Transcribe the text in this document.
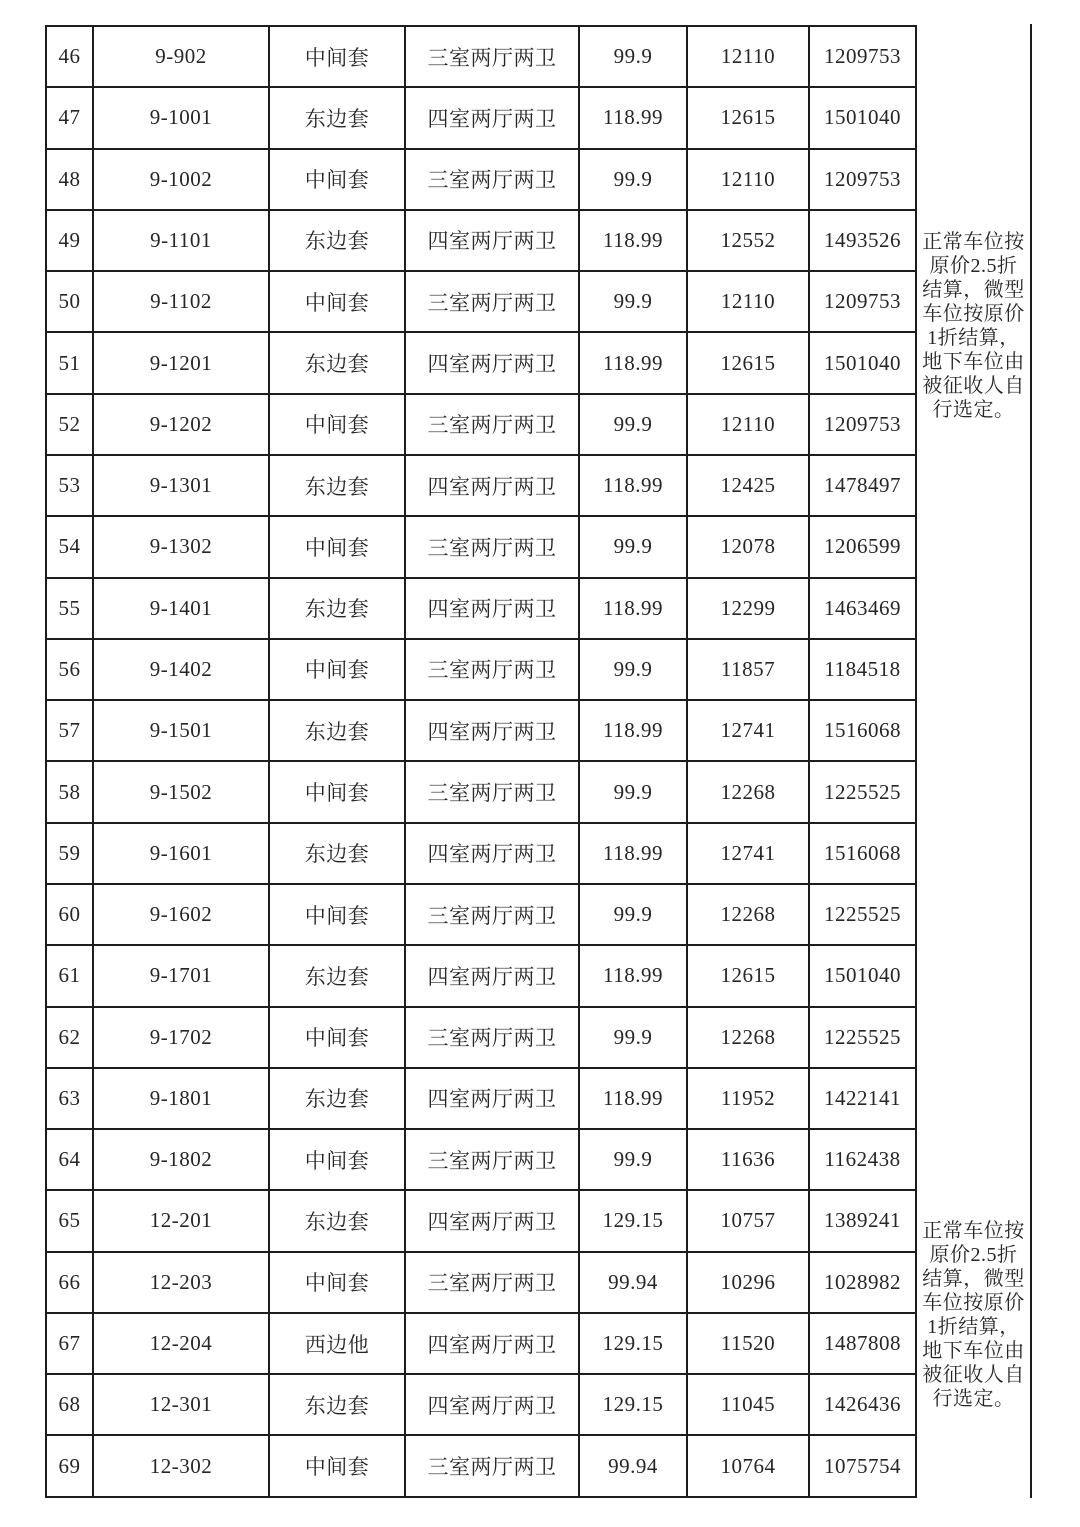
46	9-902	中间套	三室两厅两卫	99.9	12110	1209753
47	9-1001	东边套	四室两厅两卫	118.99	12615	1501040
48	9-1002	中间套	三室两厅两卫	99.9	12110	1209753
49	9-1101	东边套	四室两厅两卫	118.99	12552	1493526
50	9-1102	中间套	三室两厅两卫	99.9	12110	1209753
51	9-1201	东边套	四室两厅两卫	118.99	12615	1501040
52	9-1202	中间套	三室两厅两卫	99.9	12110	1209753
53	9-1301	东边套	四室两厅两卫	118.99	12425	1478497
54	9-1302	中间套	三室两厅两卫	99.9	12078	1206599
55	9-1401	东边套	四室两厅两卫	118.99	12299	1463469
56	9-1402	中间套	三室两厅两卫	99.9	11857	1184518
57	9-1501	东边套	四室两厅两卫	118.99	12741	1516068
58	9-1502	中间套	三室两厅两卫	99.9	12268	1225525
59	9-1601	东边套	四室两厅两卫	118.99	12741	1516068
60	9-1602	中间套	三室两厅两卫	99.9	12268	1225525
61	9-1701	东边套	四室两厅两卫	118.99	12615	1501040
62	9-1702	中间套	三室两厅两卫	99.9	12268	1225525
63	9-1801	东边套	四室两厅两卫	118.99	11952	1422141
64	9-1802	中间套	三室两厅两卫	99.9	11636	1162438
65	12-201	东边套	四室两厅两卫	129.15	10757	1389241
66	12-203	中间套	三室两厅两卫	99.94	10296	1028982
67	12-204	西边他	四室两厅两卫	129.15	11520	1487808
68	12-301	东边套	四室两厅两卫	129.15	11045	1426436
69	12-302	中间套	三室两厅两卫	99.94	10764	1075754
正常车位按
原价2.5折
结算，微型
车位按原价
1折结算，
地下车位由
被征收人自
行选定。
正常车位按
原价2.5折
结算，微型
车位按原价
1折结算，
地下车位由
被征收人自
行选定。
